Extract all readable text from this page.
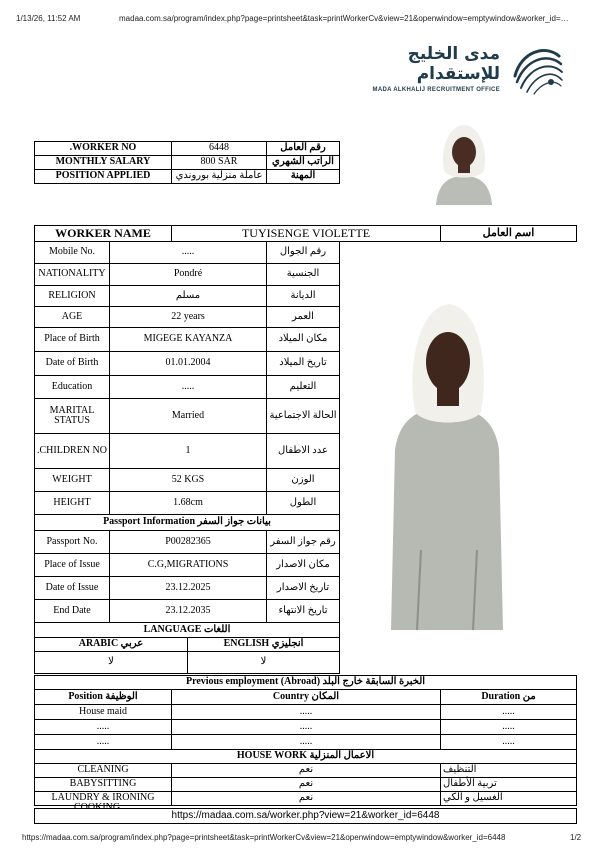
1/13/26, 11:52 AM	madaa.com.sa/program/index.php?page=printsheet&task=printWorkerCv&view=21&openwindow=emptywindow&worker_id=…
مدى الخليج للإستقدام
MADA ALKHALIJ RECRUITMENT OFFICE
.WORKER NO	6448	رقم العامل
MONTHLY SALARY	800 SAR	الراتب الشهري
POSITION APPLIED	عاملة منزلية بوروندي	المهنة
WORKER NAME	TUYISENGE VIOLETTE	اسم العامل
Mobile No.	.....	رقم الجوال
NATIONALITY	Pondré	الجنسية
RELIGION	مسلم	الديانة
AGE	22 years	العمر
Place of Birth	MIGEGE KAYANZA	مكان الميلاد
Date of Birth	01.01.2004	تاريخ الميلاد
Education	.....	التعليم
MARITAL STATUS	Married	الحالة الاجتماعية
.CHILDREN NO	1	عدد الاطفال
WEIGHT	52 KGS	الوزن
HEIGHT	1.68cm	الطول
Passport Information بيانات جواز السفر		
Passport No.	P00282365	رقم جواز السفر
Place of Issue	C.G,MIGRATIONS	مكان الاصدار
Date of Issue	23.12.2025	تاريخ الاصدار
End Date	23.12.2035	تاريخ الانتهاء
LANGUAGE اللغات	
ARABIC عربي	ENGLISH انجليزي
لا	لا
Previous employment (Abroad) الخبرة السابقة خارج البلد		
Position الوظيفة	Country المكان	Duration من
House maid	.....	.....
.....	.....	.....
.....	.....	.....
HOUSE WORK الاعمال المنزلية		
CLEANING	نعم	التنظيف
BABYSITTING	نعم	تربية الأطفال
LAUNDRY & IRONING	نعم	الغسيل و الكي
https://madaa.com.sa/worker.php?view=21&worker_id=6448
https://madaa.com.sa/program/index.php?page=printsheet&task=printWorkerCv&view=21&openwindow=emptywindow&worker_id=6448	1/2
